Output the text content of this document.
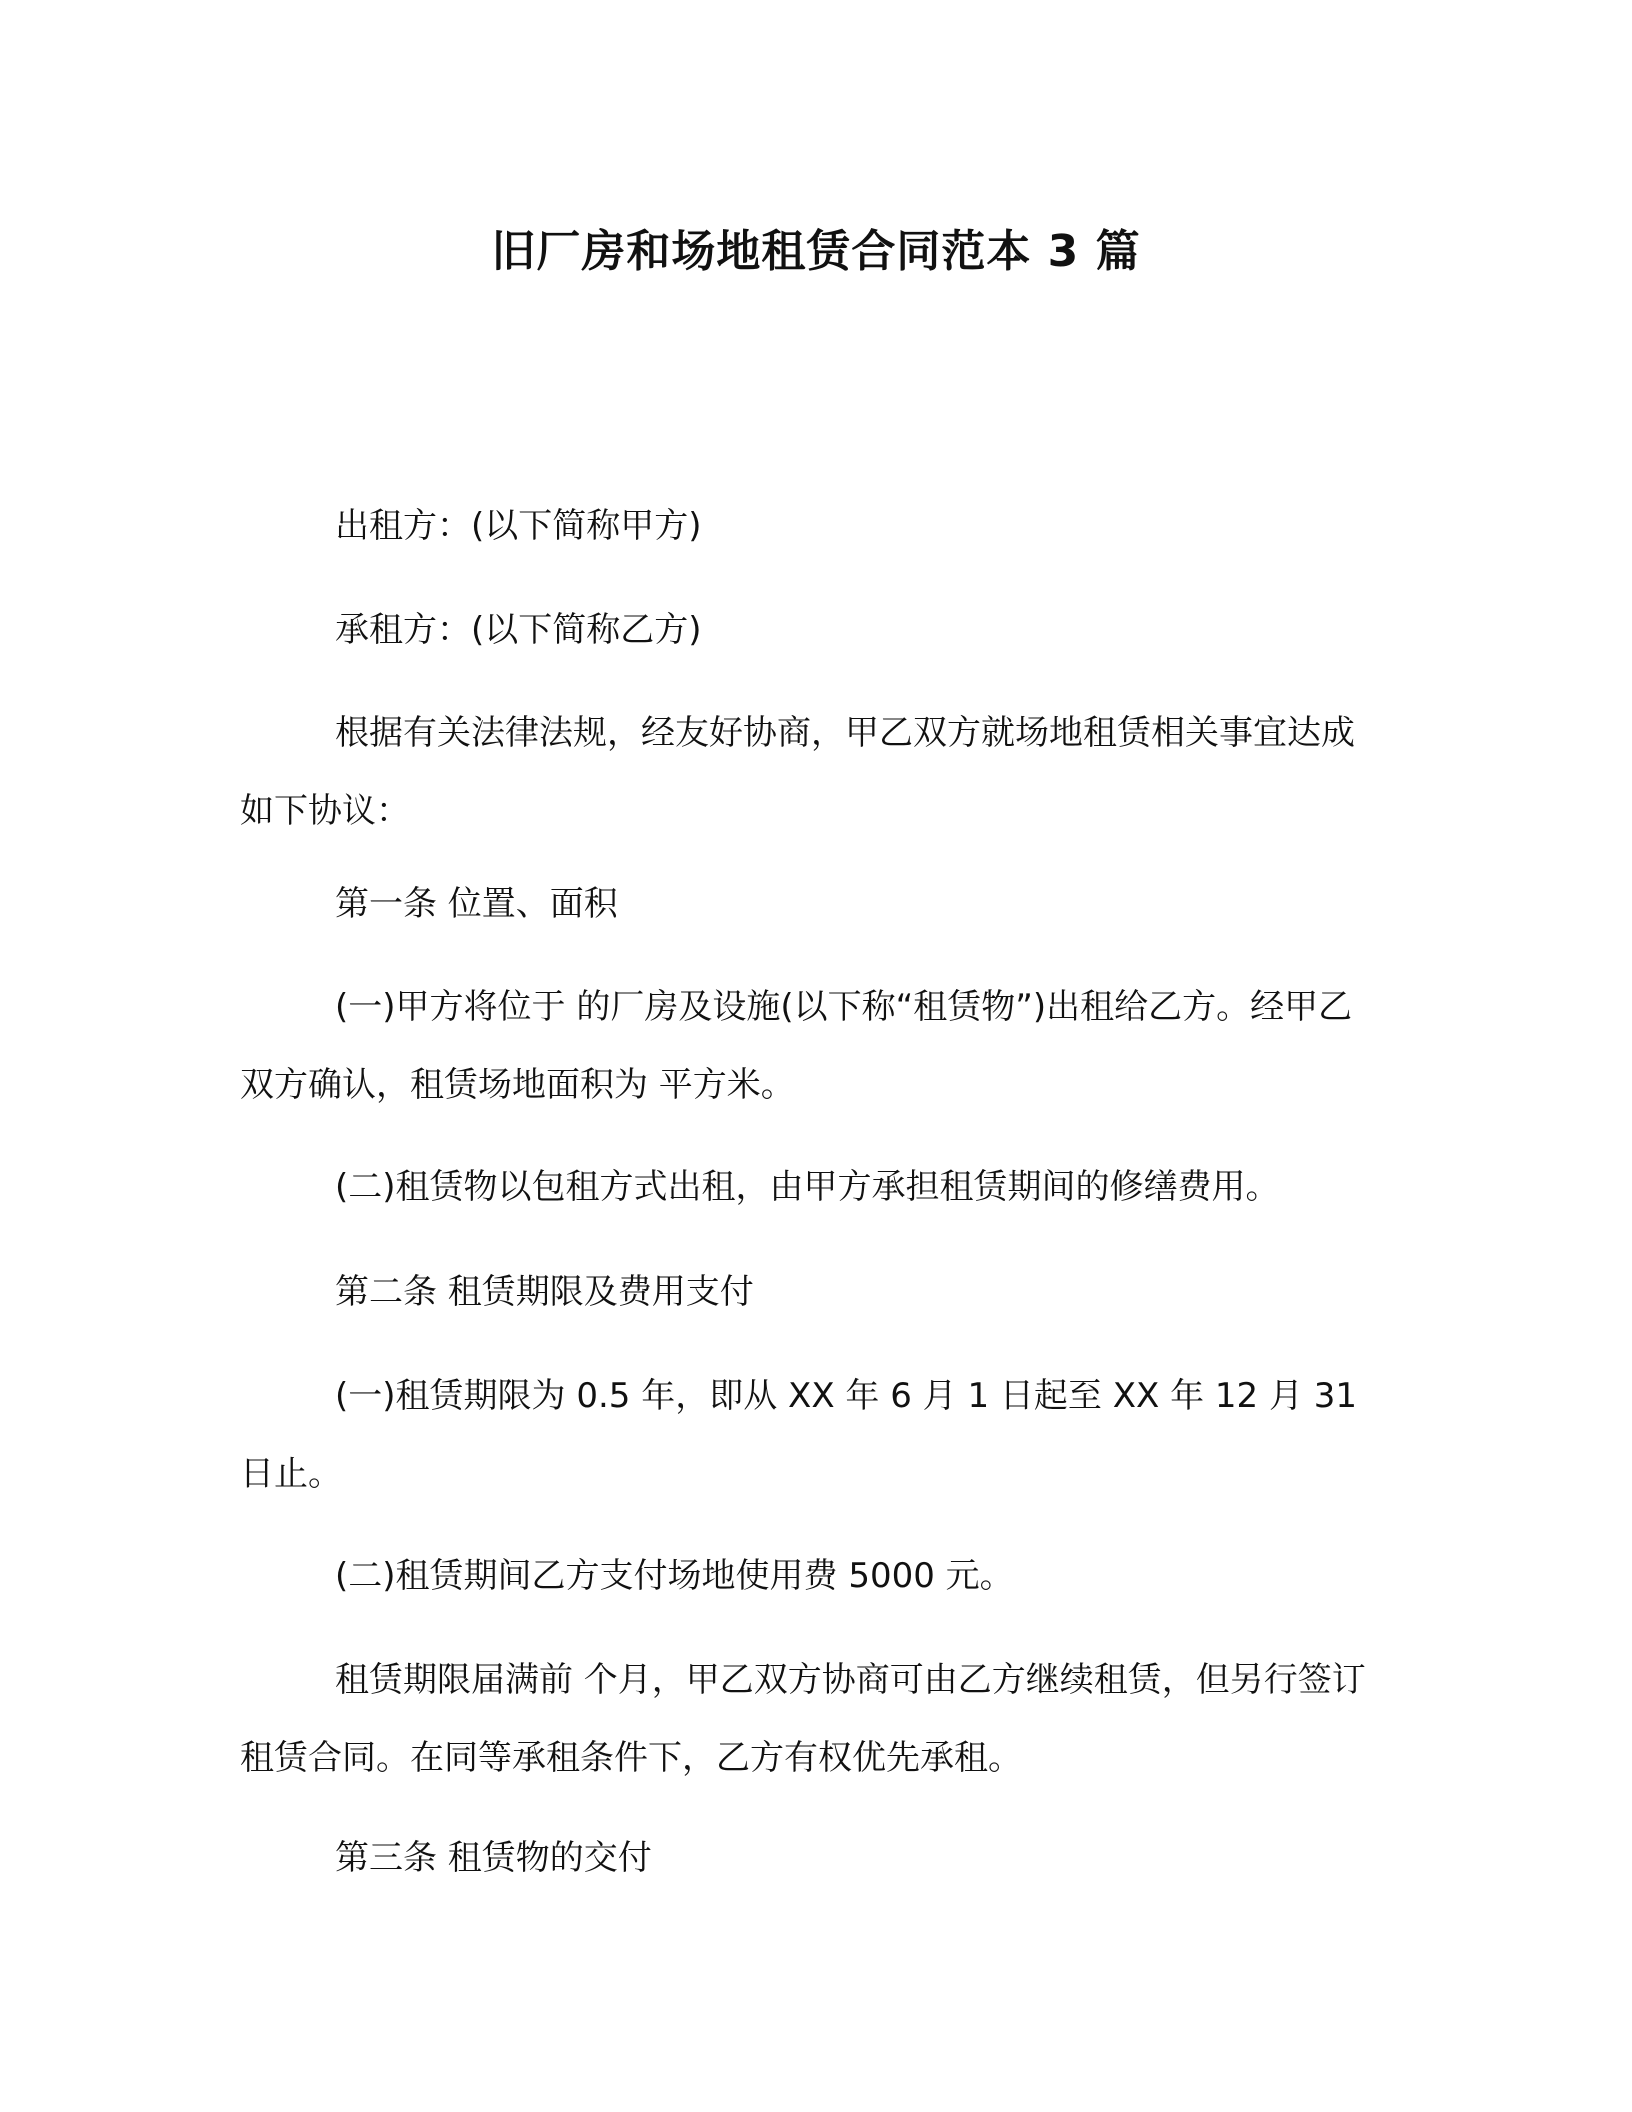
旧厂房和场地租赁合同范本 3 篇
出租方：(以下简称甲方)
承租方：(以下简称乙方)
根据有关法律法规，经友好协商，甲乙双方就场地租赁相关事宜达成如下协议：
第一条 位置、面积
(一)甲方将位于 的厂房及设施(以下称“租赁物”)出租给乙方。经甲乙双方确认，租赁场地面积为 平方米。
(二)租赁物以包租方式出租，由甲方承担租赁期间的修缮费用。
第二条 租赁期限及费用支付
(一)租赁期限为 0.5 年，即从 XX 年 6 月 1 日起至 XX 年 12 月 31 日止。
(二)租赁期间乙方支付场地使用费 5000 元。
租赁期限届满前 个月，甲乙双方协商可由乙方继续租赁，但另行签订租赁合同。在同等承租条件下，乙方有权优先承租。
第三条 租赁物的交付
